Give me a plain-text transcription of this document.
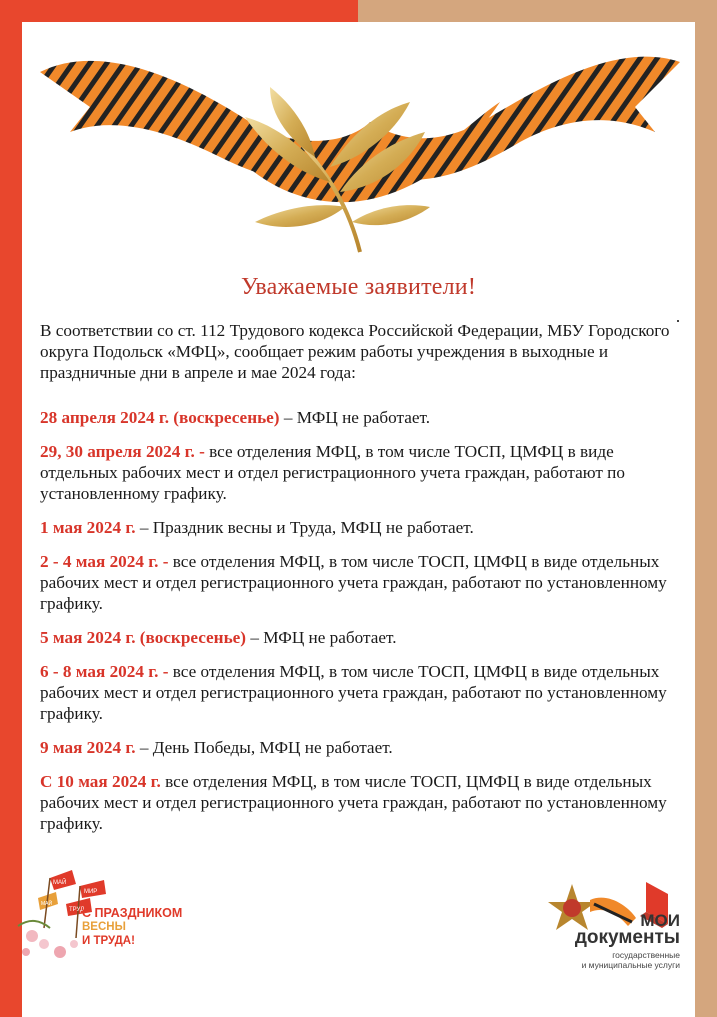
Уважаемые заявители!

В соответствии со ст. 112 Трудового кодекса Российской Федерации, МБУ Городского округа Подольск «МФЦ», сообщает режим работы учреждения в выходные и праздничные дни в апреле и мае 2024 года:

28 апреля 2024 г. (воскресенье) – МФЦ не работает.

29, 30 апреля 2024 г. - все отделения МФЦ, в том числе ТОСП, ЦМФЦ в виде отдельных рабочих мест и отдел регистрационного учета граждан, работают по установленному графику.

1 мая 2024 г. – Праздник весны и Труда, МФЦ не работает.

2 - 4 мая 2024 г. - все отделения МФЦ, в том числе ТОСП, ЦМФЦ в виде отдельных рабочих мест и отдел регистрационного учета граждан, работают по установленному графику.

5 мая 2024 г. (воскресенье) – МФЦ не работает.

6 - 8 мая 2024 г. - все отделения МФЦ, в том числе ТОСП, ЦМФЦ в виде отдельных рабочих мест и отдел регистрационного учета граждан, работают по установленному графику.

9 мая 2024 г. – День Победы, МФЦ не работает.

С 10 мая 2024 г. все отделения МФЦ, в том числе ТОСП, ЦМФЦ в виде отдельных рабочих мест и отдел регистрационного учета граждан, работают по установленному графику.

МАЙ
МИР
ТРУД
МАЙ
С ПРАЗДНИКОМ
ВЕСНЫ
И ТРУДА!
МОИ
документы
государственные
и муниципальные услуги
